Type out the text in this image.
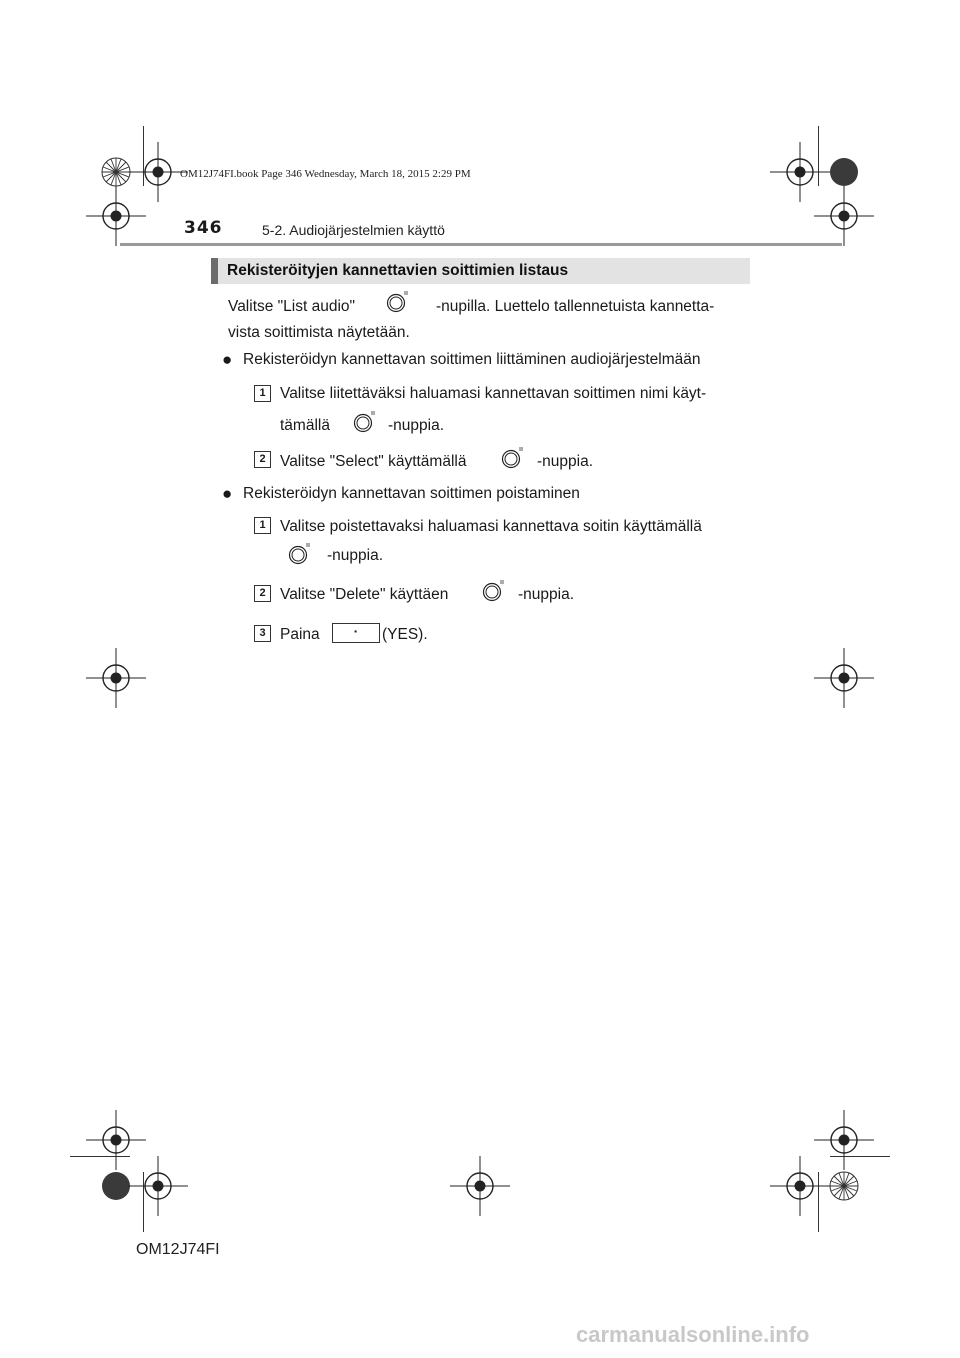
OM12J74FI.book Page 346 Wednesday, March 18, 2015 2:29 PM
346	5-2. Audiojärjestelmien käyttö
Rekisteröityjen kannettavien soittimien listaus
Valitse "List audio"	-nupilla. Luettelo tallennetuista kannetta-
vista soittimista näytetään.
● Rekisteröidyn kannettavan soittimen liittäminen audiojärjestelmään
1 Valitse liitettäväksi haluamasi kannettavan soittimen nimi käyt-
tämällä	-nuppia.
2 Valitse "Select" käyttämällä	-nuppia.
● Rekisteröidyn kannettavan soittimen poistaminen
1 Valitse poistettavaksi haluamasi kannettava soitin käyttämällä
-nuppia.
2 Valitse "Delete" käyttäen	-nuppia.
3 Paina	·	(YES).
OM12J74FI
carmanualsonline.info
